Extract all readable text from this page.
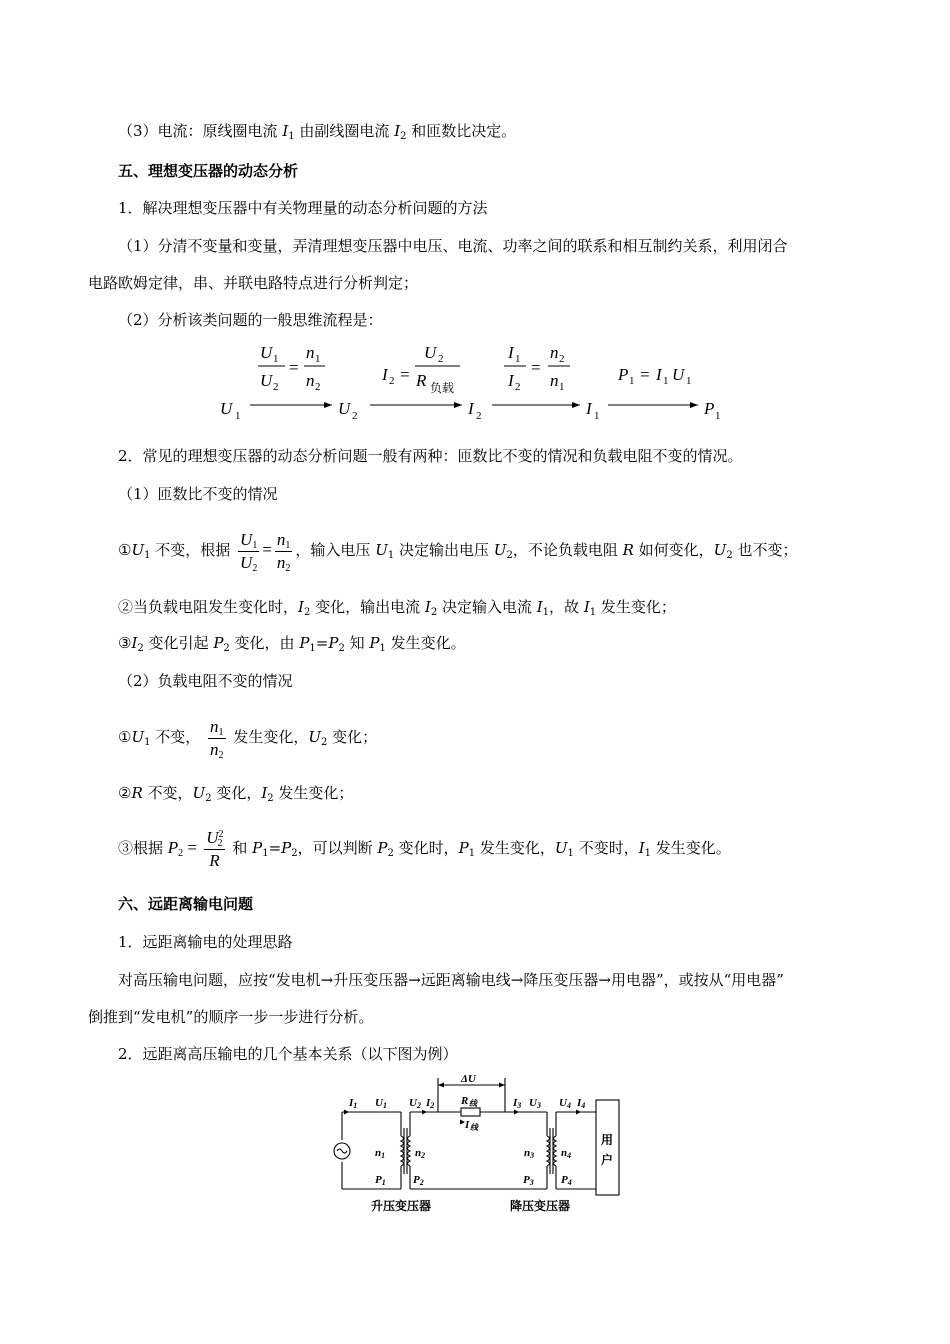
（3）电流：原线圈电流 $I_1$ 由副线圈电流 $I_2$ 和匝数比决定。
五、理想变压器的动态分析
1．解决理想变压器中有关物理量的动态分析问题的方法
（1）分清不变量和变量，弄清理想变压器中电压、电流、功率之间的联系和相互制约关系，利用闭合
电路欧姆定律，串、并联电路特点进行分析判定；
（2）分析该类问题的一般思维流程是：
U 1
U 1
U 2
=
n 1
n 2
U 2
I 2 =
U 2
R 负载
I 2
I 1
I 2
=
n 2
n 1
I 1
P 1 = I 1 U 1
P 1
2．常见的理想变压器的动态分析问题一般有两种：匝数比不变的情况和负载电阻不变的情况。
（1）匝数比不变的情况
$①U_1$ 不变，根据 $\frac{U_1}{U_2} = \frac{n_1}{n_2}$ ，输入电压 $U_1$ 决定输出电压 $U_2$，不论负载电阻 R 如何变化，$U_2$ 也不变；
②当负载电阻发生变化时，$I_2$ 变化，输出电流 $I_2$ 决定输入电流 $I_1$，故 $I_1$ 发生变化；
$③I_2$ 变化引起 $P_2$ 变化，由 $P_1=P_2$ 知 $P_1$ 发生变化。
（2）负载电阻不变的情况
$①U_1$ 不变， $\frac{n_1}{n_2}$ 发生变化，$U_2$ 变化；
②R 不变，$U_2$ 变化，$I_2$ 发生变化；
③根据 $P_2 = \frac{U^2_2}{R}$ 和 $P_1=P_2$，可以判断 $P_2$ 变化时，$P_1$ 发生变化，$U_1$ 不变时，$I_1$ 发生变化。
六、远距离输电问题
1．远距离输电的处理思路
对高压输电问题，应按“发电机→升压变压器→远距离输电线→降压变压器→用电器”，或按从“用电器”
倒推到“发电机”的顺序一步一步进行分析。
2．远距离高压输电的几个基本关系（以下图为例）
ΔU
R 线
I 线
I1 U1 U2 I2	I3 U3 U4 I4
n1	n2	n3 n4
P1 P2	P3 P4
用
户
升压变压器	降压变压器
